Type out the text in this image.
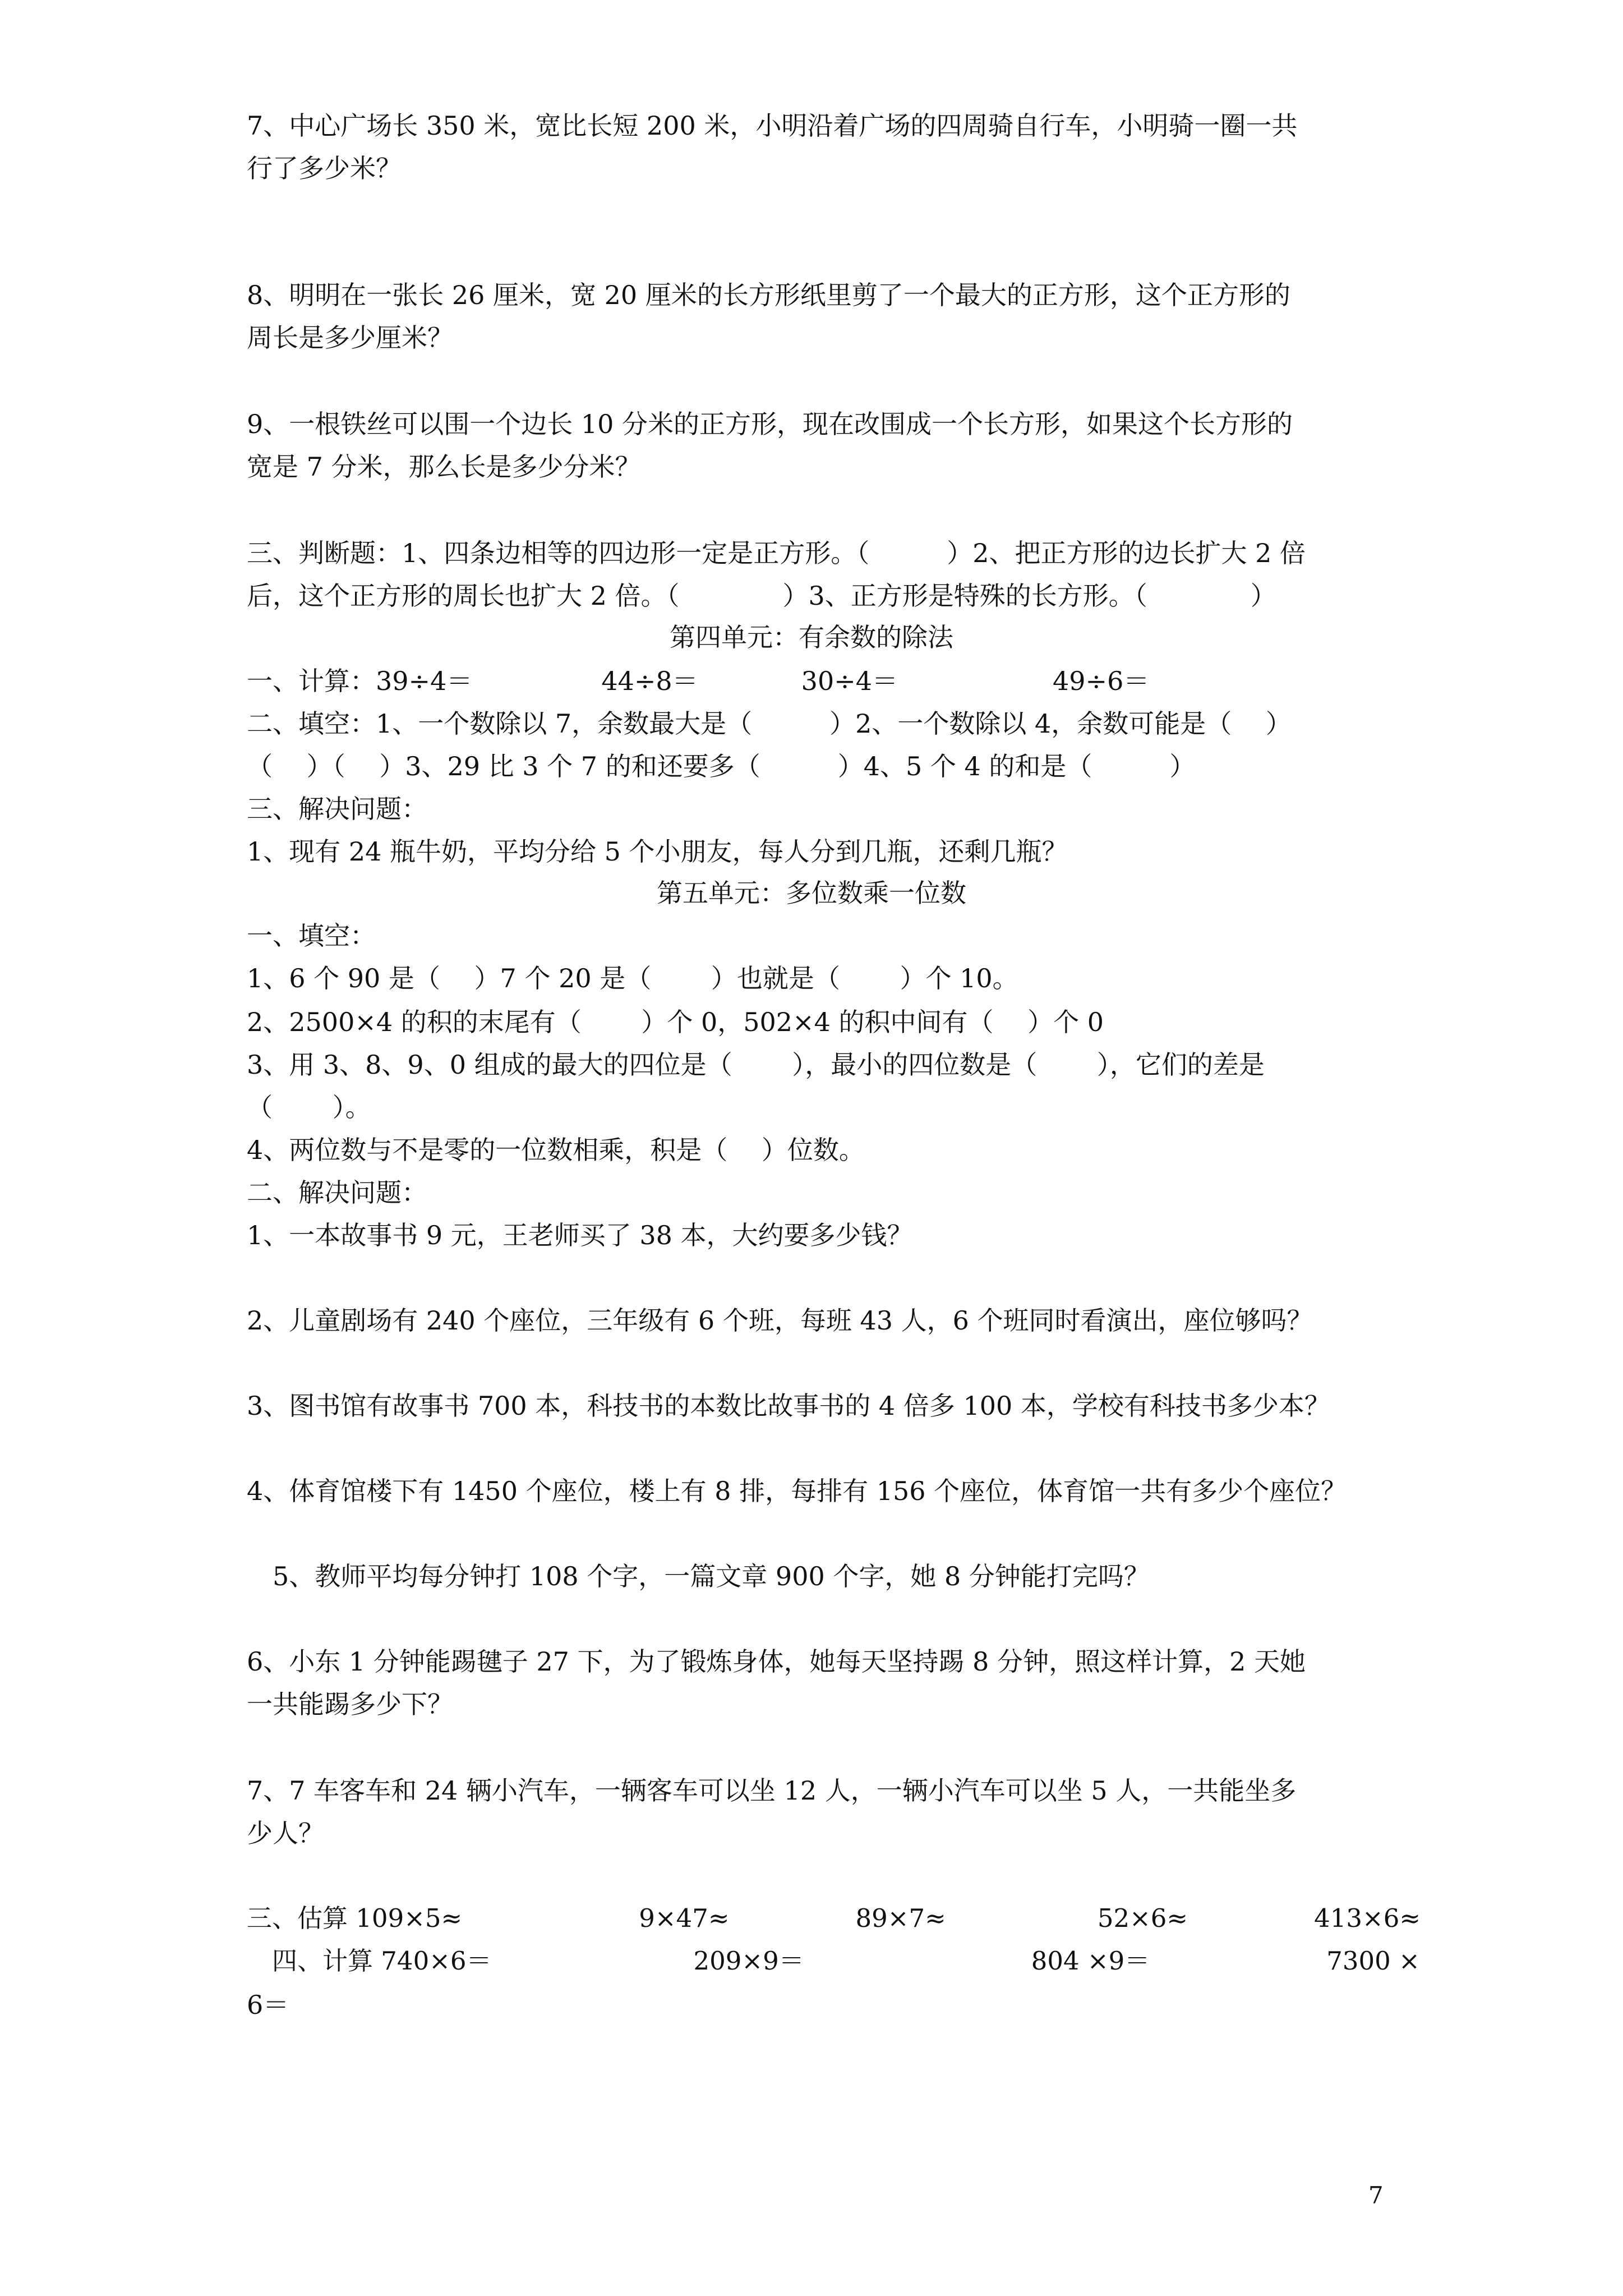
7、中心广场长 350 米，宽比长短 200 米，小明沿着广场的四周骑自行车，小明骑一圈一共

行了多少米？

8、明明在一张长 26 厘米，宽 20 厘米的长方形纸里剪了一个最大的正方形，这个正方形的

周长是多少厘米？

9、一根铁丝可以围一个边长 10 分米的正方形，现在改围成一个长方形，如果这个长方形的

宽是 7 分米，那么长是多少分米？

三、判断题：1、四条边相等的四边形一定是正方形。（　　　）2、把正方形的边长扩大 2 倍

后，这个正方形的周长也扩大 2 倍。（　　　　）3、正方形是特殊的长方形。（　　　　）

第四单元：有余数的除法

一、计算：39÷4＝　　　　　44÷8＝　　　　30÷4＝　　　　　　49÷6＝

二、填空：1、一个数除以 7，余数最大是（　　　）2、一个数除以 4，余数可能是（　 ）

（　 ）（　 ）3、29 比 3 个 7 的和还要多（　　　）4、5 个 4 的和是（　　　）

三、解决问题：

1、现有 24 瓶牛奶，平均分给 5 个小朋友，每人分到几瓶，还剩几瓶？

第五单元：多位数乘一位数

一、填空：

1、6 个 90 是（　 ）7 个 20 是（　　 ）也就是（　　 ）个 10。

2、2500×4 的积的末尾有（　　 ）个 0，502×4 的积中间有（　 ）个 0

3、用 3、8、9、0 组成的最大的四位是（　　 ），最小的四位数是（　　 ），它们的差是

（　　 ）。

4、两位数与不是零的一位数相乘，积是（　 ）位数。

二、解决问题：

1、一本故事书 9 元，王老师买了 38 本，大约要多少钱？

2、儿童剧场有 240 个座位，三年级有 6 个班，每班 43 人，6 个班同时看演出，座位够吗？

3、图书馆有故事书 700 本，科技书的本数比故事书的 4 倍多 100 本，学校有科技书多少本？

4、体育馆楼下有 1450 个座位，楼上有 8 排，每排有 156 个座位，体育馆一共有多少个座位？

　5、教师平均每分钟打 108 个字，一篇文章 900 个字，她 8 分钟能打完吗？

6、小东 1 分钟能踢毽子 27 下，为了锻炼身体，她每天坚持踢 8 分钟，照这样计算，2 天她

一共能踢多少下？

7、7 车客车和 24 辆小汽车，一辆客车可以坐 12 人，一辆小汽车可以坐 5 人，一共能坐多

少人？

三、估算 109×5≈　　　　　　　9×47≈　　　　　89×7≈　　　　　　52×6≈　　　　　413×6≈

　四、计算 740×6＝　　　　　　　　209×9＝　　　　　　　　　804 ×9＝　　　　　　　7300 ×

6＝

7
